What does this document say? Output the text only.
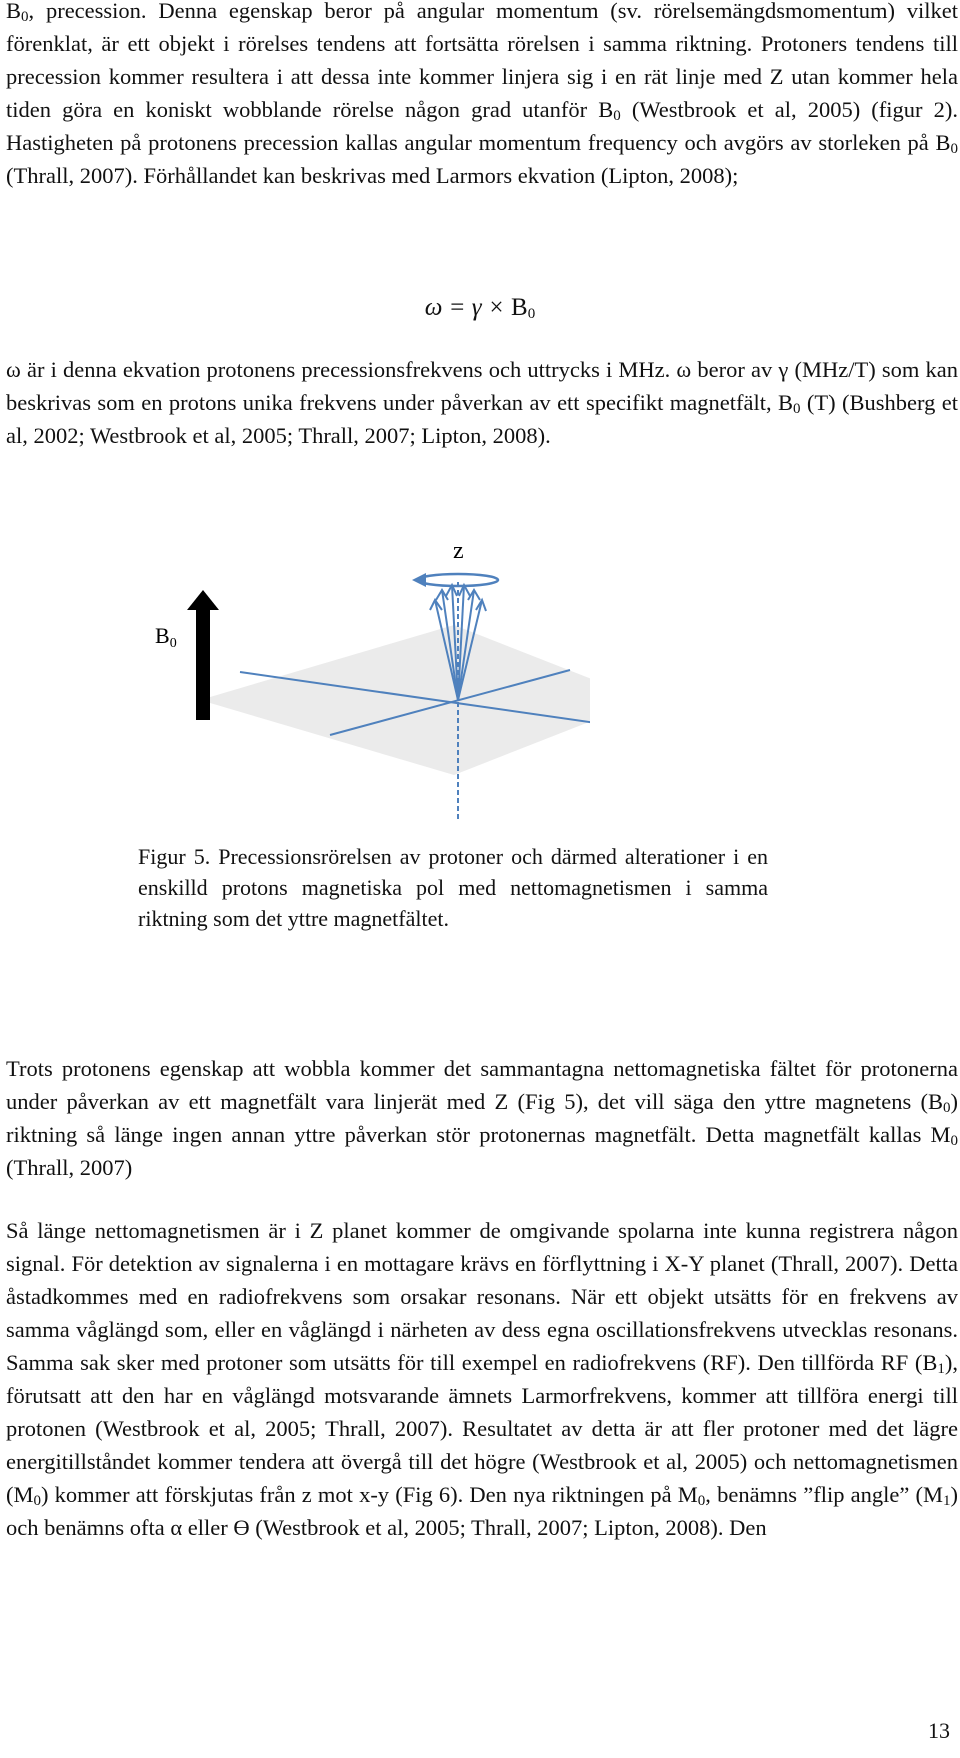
B0, precession. Denna egenskap beror på angular momentum (sv. rörelsemängdsmomentum) vilket förenklat, är ett objekt i rörelses tendens att fortsätta rörelsen i samma riktning. Protoners tendens till precession kommer resultera i att dessa inte kommer linjera sig i en rät linje med Z utan kommer hela tiden göra en koniskt wobblande rörelse någon grad utanför B0 (Westbrook et al, 2005) (figur 2). Hastigheten på protonens precession kallas angular momentum frequency och avgörs av storleken på B0 (Thrall, 2007). Förhållandet kan beskrivas med Larmors ekvation (Lipton, 2008);

ω = γ × B0

ω är i denna ekvation protonens precessionsfrekvens och uttrycks i MHz. ω beror av γ (MHz/T) som kan beskrivas som en protons unika frekvens under påverkan av ett specifikt magnetfält, B0 (T) (Bushberg et al, 2002; Westbrook et al, 2005; Thrall, 2007; Lipton, 2008).

z
B0

Figur 5. Precessionsrörelsen av protoner och därmed alterationer i en enskilld protons magnetiska pol med nettomagnetismen i samma riktning som det yttre magnetfältet.

Trots protonens egenskap att wobbla kommer det sammantagna nettomagnetiska fältet för protonerna under påverkan av ett magnetfält vara linjerät med Z (Fig 5), det vill säga den yttre magnetens (B0) riktning så länge ingen annan yttre påverkan stör protonernas magnetfält. Detta magnetfält kallas M0 (Thrall, 2007)

Så länge nettomagnetismen är i Z planet kommer de omgivande spolarna inte kunna registrera någon signal. För detektion av signalerna i en mottagare krävs en förflyttning i X-Y planet (Thrall, 2007). Detta åstadkommes med en radiofrekvens som orsakar resonans. När ett objekt utsätts för en frekvens av samma våglängd som, eller en våglängd i närheten av dess egna oscillationsfrekvens utvecklas resonans. Samma sak sker med protoner som utsätts för till exempel en radiofrekvens (RF). Den tillförda RF (B1), förutsatt att den har en våglängd motsvarande ämnets Larmorfrekvens, kommer att tillföra energi till protonen (Westbrook et al, 2005; Thrall, 2007). Resultatet av detta är att fler protoner med det lägre energitillståndet kommer tendera att övergå till det högre (Westbrook et al, 2005) och nettomagnetismen (M0) kommer att förskjutas från z mot x-y (Fig 6). Den nya riktningen på M0, benämns ”flip angle” (M1) och benämns ofta α eller Ө (Westbrook et al, 2005; Thrall, 2007; Lipton, 2008). Den

13
